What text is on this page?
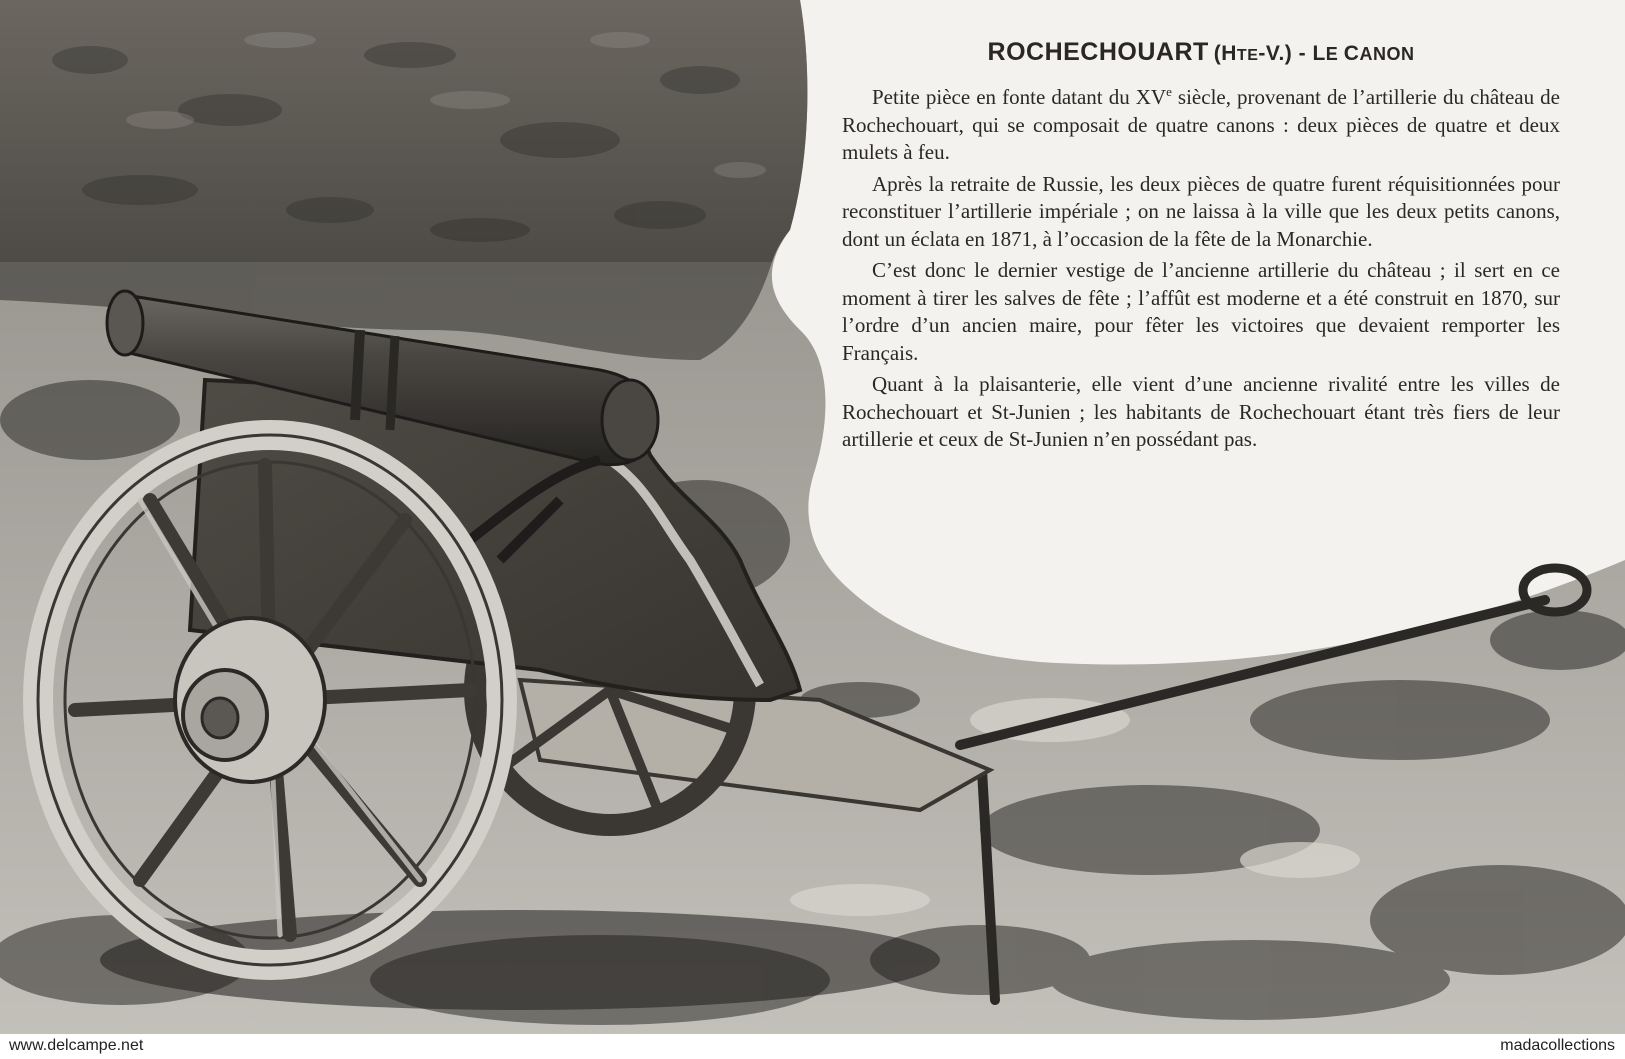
ROCHECHOUART (HTE-V.) - LE CANON

Petite pièce en fonte datant du XVe siècle, provenant de l’artillerie du château de Rochechouart, qui se composait de quatre canons : deux pièces de quatre et deux mulets à feu.

Après la retraite de Russie, les deux pièces de quatre furent réquisitionnées pour reconstituer l’artillerie impériale ; on ne laissa à la ville que les deux petits canons, dont un éclata en 1871, à l’occasion de la fête de la Monarchie.

C’est donc le dernier vestige de l’ancienne artillerie du château ; il sert en ce moment à tirer les salves de fête ; l’affût est moderne et a été construit en 1870, sur l’ordre d’un ancien maire, pour fêter les victoires que devaient remporter les Français.

Quant à la plaisanterie, elle vient d’une ancienne rivalité entre les villes de Rochechouart et St-Junien ; les habitants de Rochechouart étant très fiers de leur artillerie et ceux de St-Junien n’en possédant pas.

www.delcampe.net	madacollections
